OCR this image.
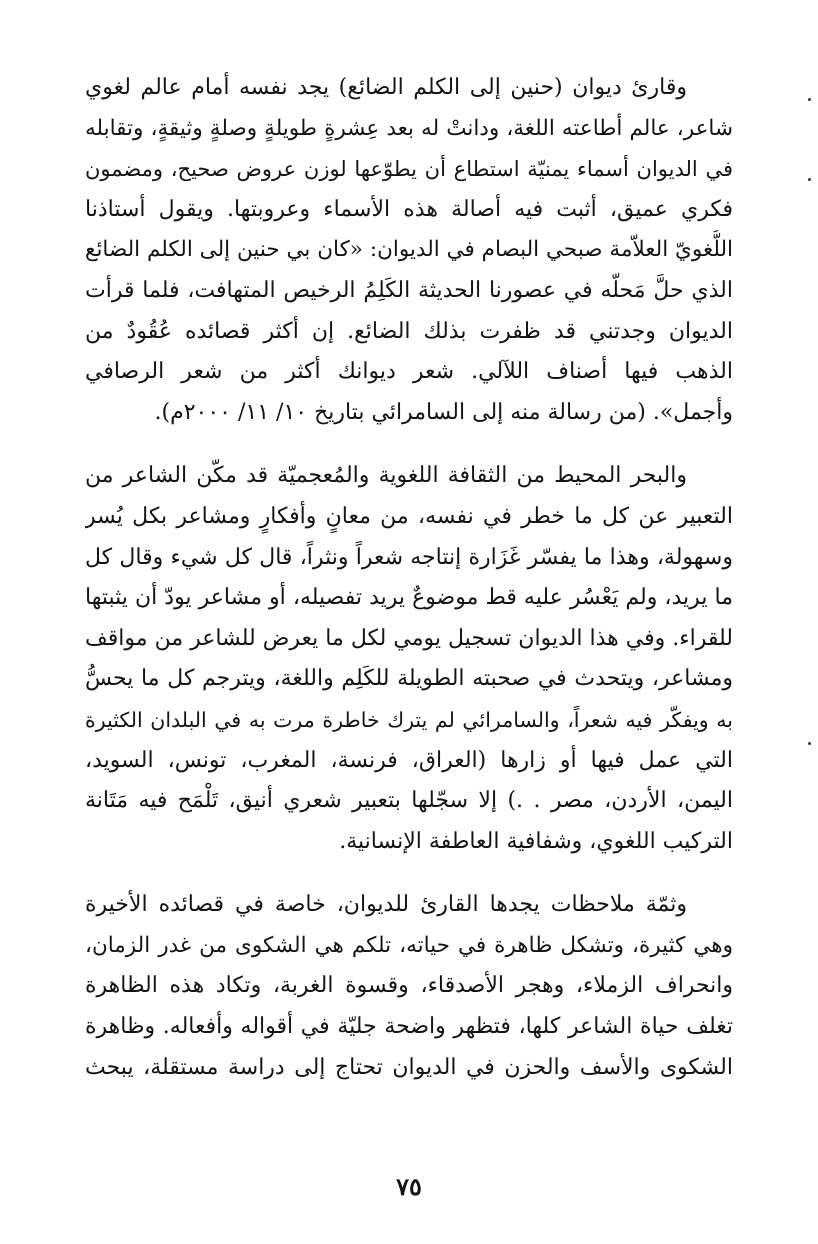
وقارئ ديوان (حنين إلى الكلم الضائع) يجد نفسه أمام عالم لغوي
شاعر، عالم أطاعته اللغة، ودانتْ له بعد عِشرةٍ طويلةٍ وصلةٍ وثيقةٍ، وتقابله
في الديوان أسماء يمنيّة استطاع أن يطوّعها لوزن عروض صحيح، ومضمون
فكري عميق، أثبت فيه أصالة هذه الأسماء وعروبتها. ويقول أستاذنا
اللُّغويّ العلاّمة صبحي البصام في الديوان: «كان بي حنين إلى الكلم الضائع
الذي حلَّ مَحلّه في عصورنا الحديثة الكَلِمُ الرخيص المتهافت، فلما قرأت
الديوان وجدتني قد ظفرت بذلك الضائع. إن أكثر قصائده عُقُودٌ من
الذهب فيها أصناف اللآلي. شعر ديوانك أكثر من شعر الرصافي
وأجمل». (من رسالة منه إلى السامرائي بتاريخ ١٠/ ١١/ ٢٠٠٠م).
والبحر المحيط من الثقافة اللغوية والمُعجميّة قد مكّن الشاعر من
التعبير عن كل ما خطر في نفسه، من معانٍ وأفكارٍ ومشاعر بكل يُسر
وسهولة، وهذا ما يفسّر غَزَارة إنتاجه شعراً ونثراً، قال كل شيء وقال كل
ما يريد، ولم يَعْسُر عليه قط موضوعٌ يريد تفصيله، أو مشاعر يودّ أن يثبتها
للقراء. وفي هذا الديوان تسجيل يومي لكل ما يعرض للشاعر من مواقف
ومشاعر، ويتحدث في صحبته الطويلة للكَلِم واللغة، ويترجم كل ما يحسُّ
به ويفكّر فيه شعراً، والسامرائي لم يترك خاطرة مرت به في البلدان الكثيرة
التي عمل فيها أو زارها (العراق، فرنسة، المغرب، تونس، السويد،
اليمن، الأردن، مصر . .) إلا سجّلها بتعبير شعري أنيق، تَلْمَح فيه مَتَانة
التركيب اللغوي، وشفافية العاطفة الإنسانية.
وثمّة ملاحظات يجدها القارئ للديوان، خاصة في قصائده الأخيرة
وهي كثيرة، وتشكل ظاهرة في حياته، تلكم هي الشكوى من غدر الزمان،
وانحراف الزملاء، وهجر الأصدقاء، وقسوة الغربة، وتكاد هذه الظاهرة
تغلف حياة الشاعر كلها، فتظهر واضحة جليّة في أقواله وأفعاله. وظاهرة
الشكوى والأسف والحزن في الديوان تحتاج إلى دراسة مستقلة، يبحث
٧٥
